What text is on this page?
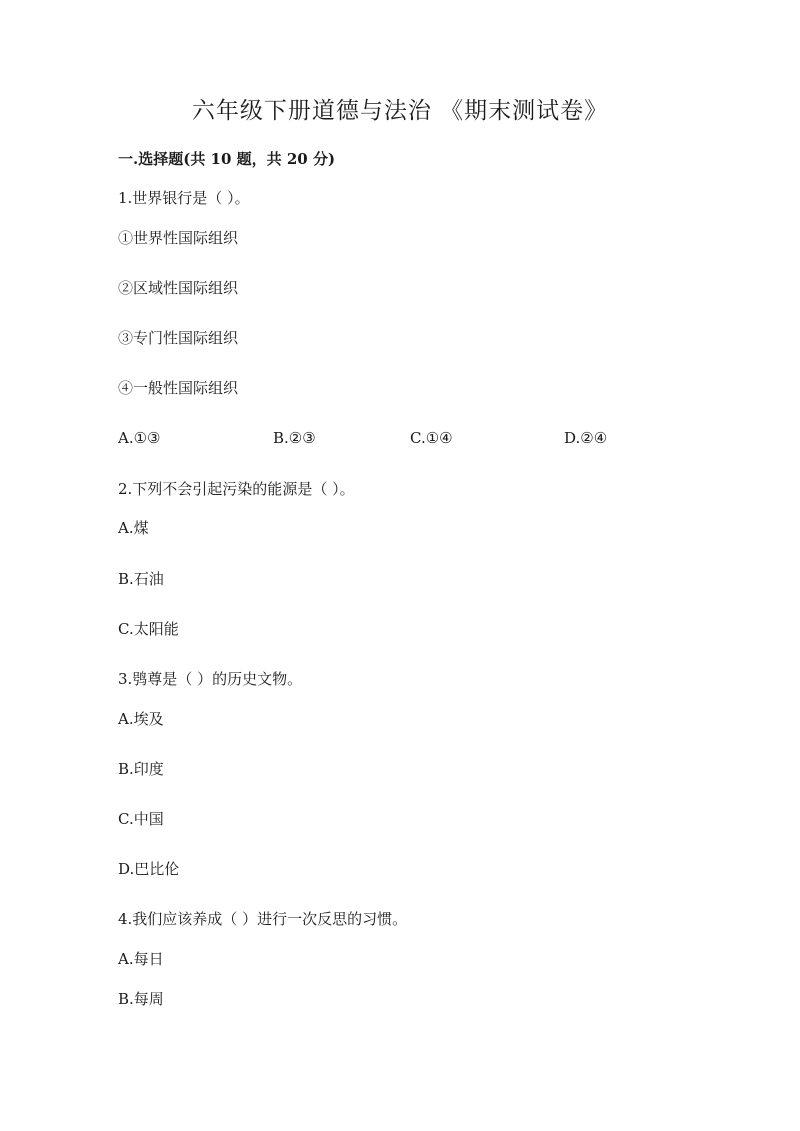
六年级下册道德与法治 《期末测试卷》
一.选择题(共 10 题，共 20 分)
1.世界银行是（ ）。
①世界性国际组织
②区域性国际组织
③专门性国际组织
④一般性国际组织
A.①③	B.②③	C.①④	D.②④
2.下列不会引起污染的能源是（ ）。
A.煤
B.石油
C.太阳能
3.鸮尊是（ ）的历史文物。
A.埃及
B.印度
C.中国
D.巴比伦
4.我们应该养成（ ）进行一次反思的习惯。
A.每日
B.每周
